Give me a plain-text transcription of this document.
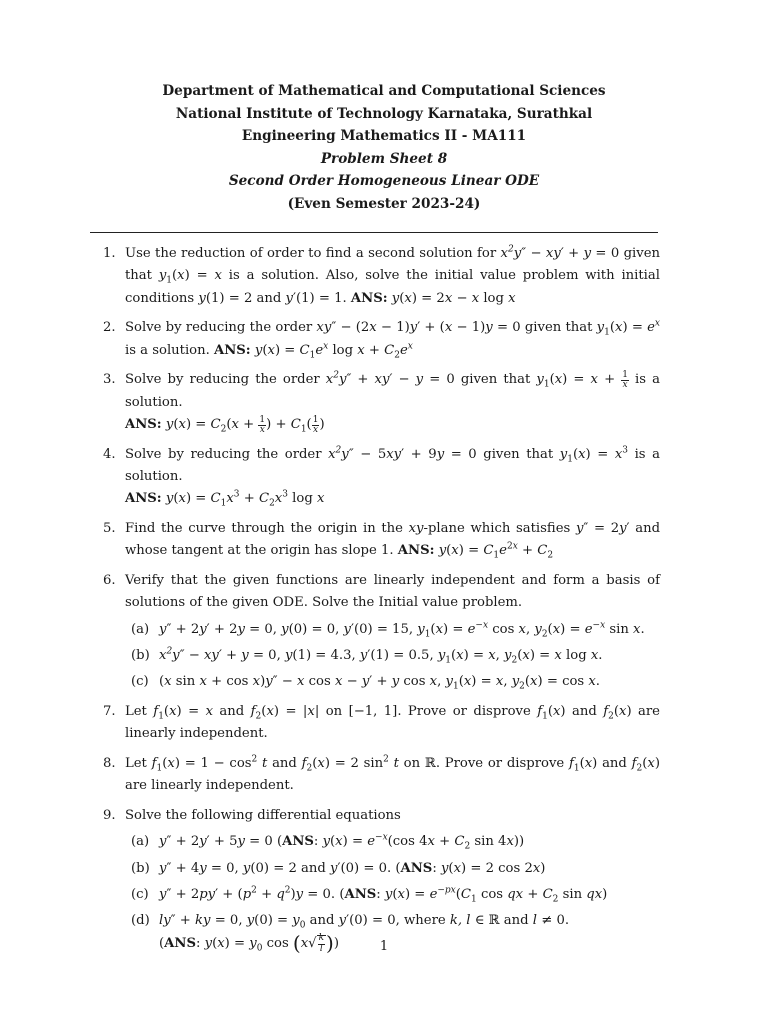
Department of Mathematical and Computational Sciences
National Institute of Technology Karnataka, Surathkal
Engineering Mathematics II - MA111
Problem Sheet 8
Second Order Homogeneous Linear ODE
(Even Semester 2023-24)
1. Use the reduction of order to find a second solution for $x^2y'' - xy' + y = 0$ given that $y_1(x) = x$ is a solution. Also, solve the initial value problem with initial conditions y(1) = 2 and y′(1) = 1. ANS: y(x) = 2x − x log x
2. Solve by reducing the order xy″ − (2x − 1)y′ + (x − 1)y = 0 given that $y_1(x) = e^x$ is a solution. ANS: $y(x) = C_1e^x$ $\log x + C_2e^x$
3. Solve by reducing the order $x^2y'' + xy' - y = 0$ given that $y_1(x) = x + \frac{1}{x}$ is a solution.
ANS: $y(x) = C_2(x + \frac{1}{x}$ ) + $C_1( \frac{1}{x}$ )
4. Solve by reducing the order $x^2y'' - 5xy' + 9y = 0$ given that $y_1(x) = x^3$ is a solution.
ANS: $y(x) = C_1x^3 + C_2x^3$ log x
5. Find the curve through the origin in the xy-plane which satisfies y″ = 2y′ and whose tangent at the origin has slope 1. ANS: $y(x) = C_1e^{2x} + C_2$
6. Verify that the given functions are linearly independent and form a basis of solutions of the given ODE. Solve the Initial value problem.
(a) y″ + 2y′ + 2y = 0, y(0) = 0, y′(0) = 15, $y_1(x) = e^{-x}$ cos x, $y_2(x) = e^{-x}$ sin x.
(b) $x^2y'' - xy' + y = 0$, y(1) = 4.3, y′(1) = 0.5, $y_1(x) = x$, $y_2(x) = x$ log x.
(c) (x sin x + cos x)y″ − x cos x − y′ + y cos x, $y_1(x) = x$, $y_2(x) = \cos x$.
7. Let $f_1(x) = x$ and $f_2(x) = |x|$ on [−1, 1]. Prove or disprove $f_1(x)$ and $f_2(x)$ are linearly independent.
8. Let $f_1(x) = 1 - \cos^2 t$ and $f_2(x) = 2$ $\sin^2 t$ on ℝ. Prove or disprove $f_1(x)$ and $f_2(x)$ are linearly independent.
9. Solve the following differential equations
(a) y″ + 2y′ + 5y = 0 (ANS: $y(x) = e^{-x}(\cos$ $4x + C_2$ sin 4x))
(b) y″ + 4y = 0, y(0) = 2 and y′(0) = 0. (ANS: y(x) = 2 cos 2x)
(c) $y'' + 2py' + (p^2 + q^2)y = 0$. (ANS: $y(x) = e^{-px}(C_1$ cos qx + $C_2$ sin qx)
(d) ly″ + ky = 0, $y(0) = y_0$ and y′(0) = 0, where k, l ∈ ℝ and l ≠ 0.
(ANS: $y(x) = y_0$ $\cos (x√ \frac{k}{l}$ ))	1
